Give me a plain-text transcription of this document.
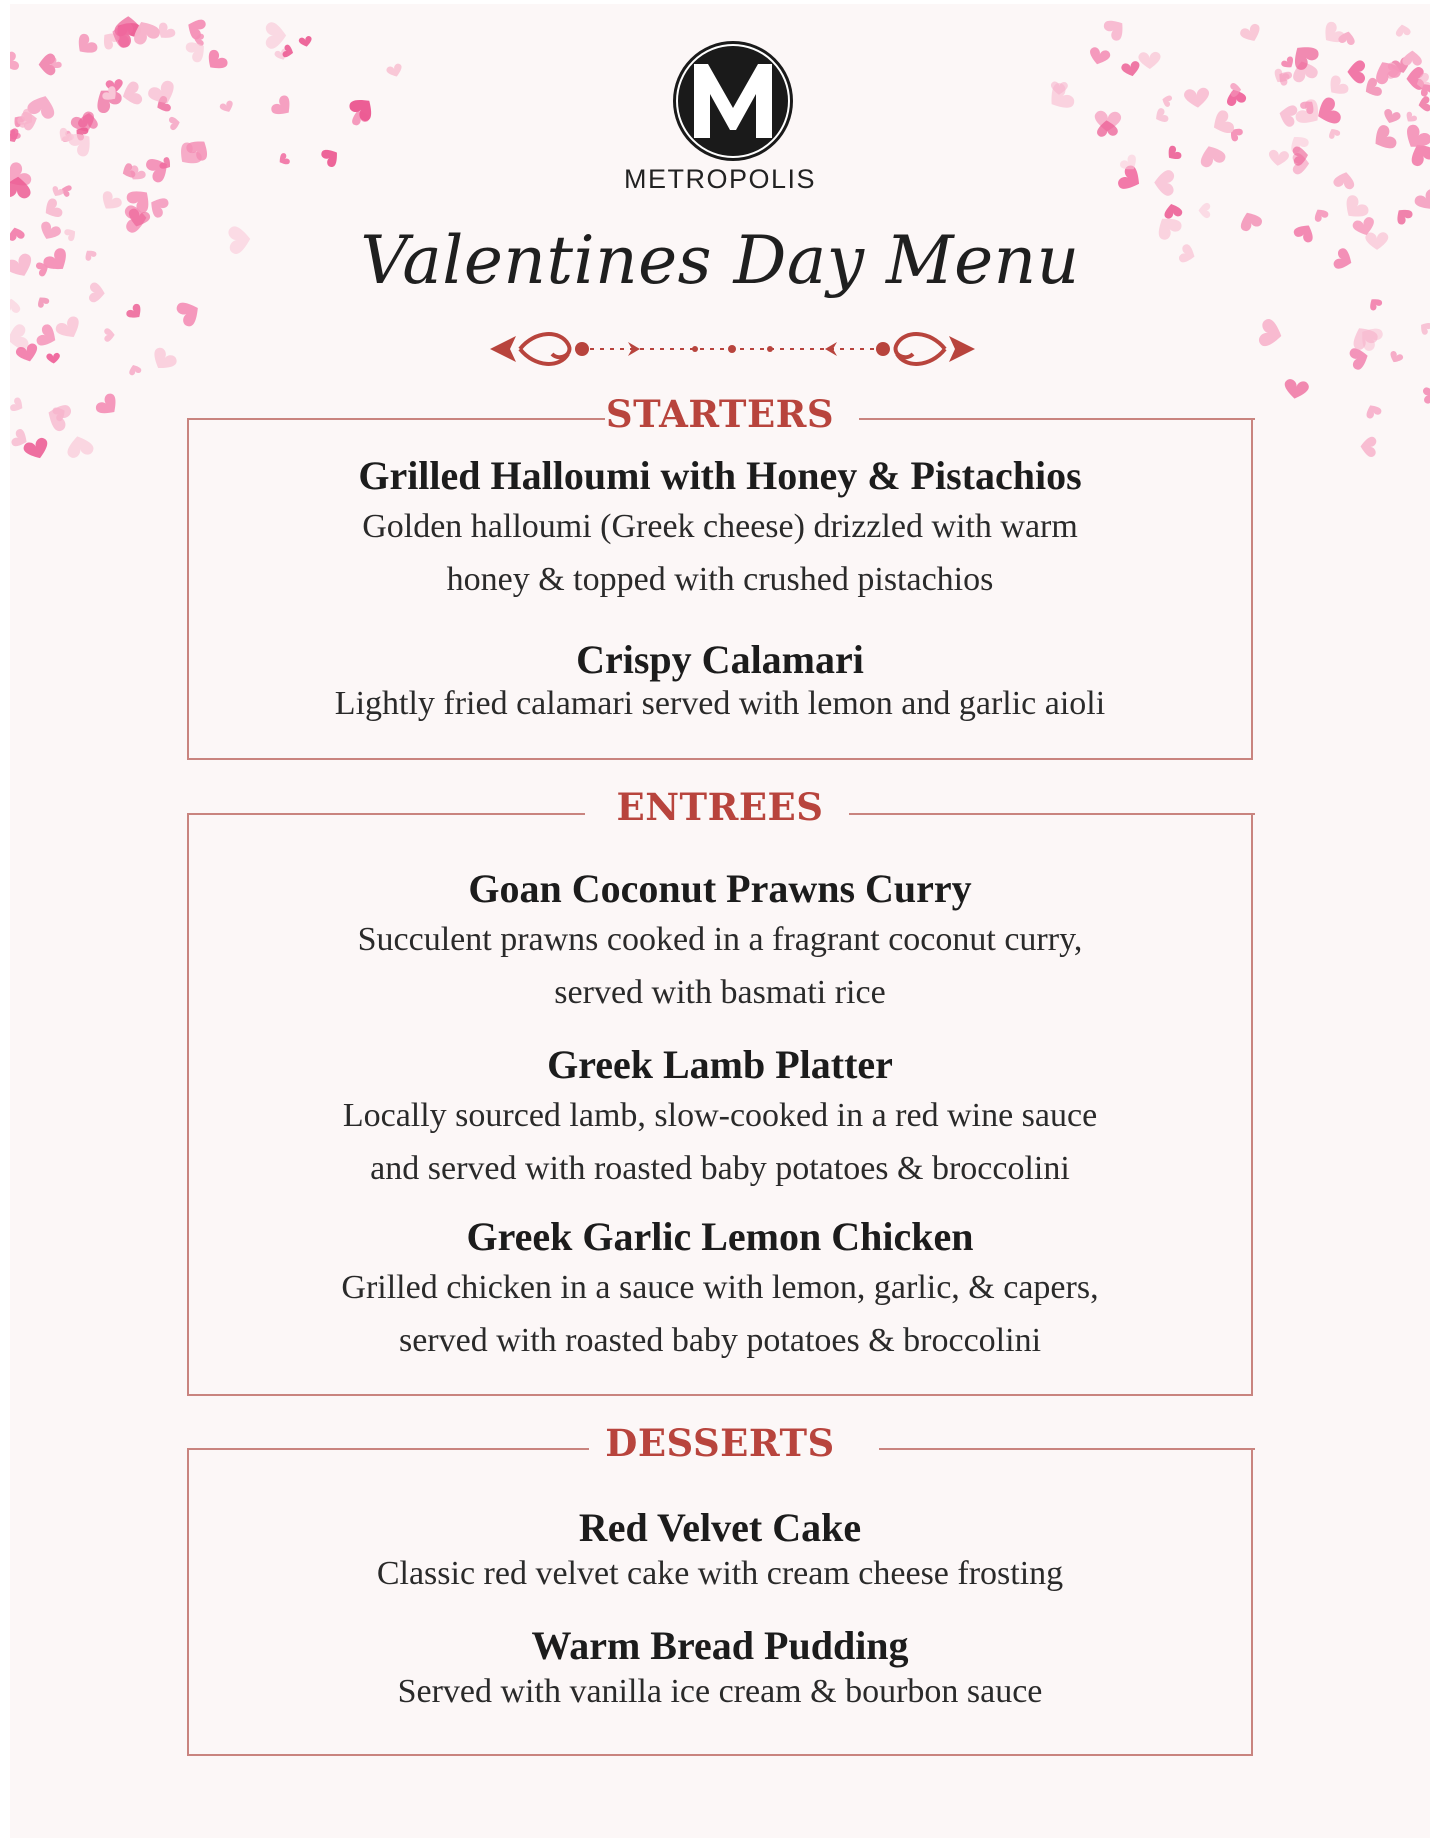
METROPOLIS
Valentines Day Menu
STARTERS
Grilled Halloumi with Honey & Pistachios
Golden halloumi (Greek cheese) drizzled with warm
honey & topped with crushed pistachios
Crispy Calamari
Lightly fried calamari served with lemon and garlic aioli
ENTREES
Goan Coconut Prawns Curry
Succulent prawns cooked in a fragrant coconut curry,
served with basmati rice
Greek Lamb Platter
Locally sourced lamb, slow-cooked in a red wine sauce
and served with roasted baby potatoes & broccolini
Greek Garlic Lemon Chicken
Grilled chicken in a sauce with lemon, garlic, & capers,
served with roasted baby potatoes & broccolini
DESSERTS
Red Velvet Cake
Classic red velvet cake with cream cheese frosting
Warm Bread Pudding
Served with vanilla ice cream & bourbon sauce
